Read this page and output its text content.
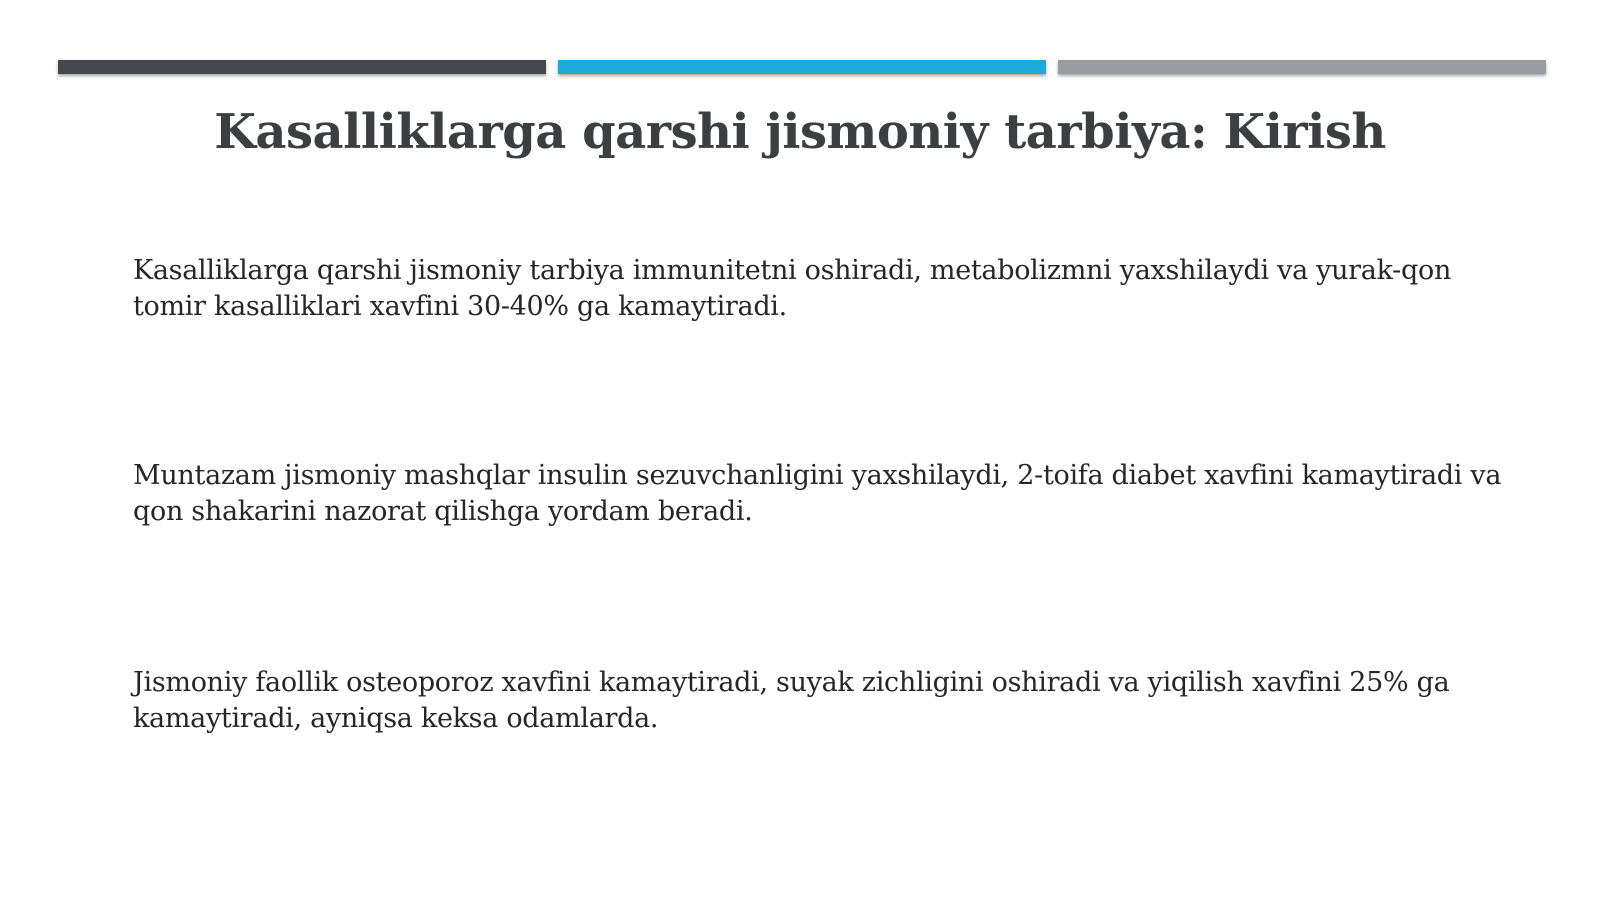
Kasalliklarga qarshi jismoniy tarbiya: Kirish
Kasalliklarga qarshi jismoniy tarbiya immunitetni oshiradi, metabolizmni yaxshilaydi va yurak-qon tomir kasalliklari xavfini 30-40% ga kamaytiradi.
Muntazam jismoniy mashqlar insulin sezuvchanligini yaxshilaydi, 2-toifa diabet xavfini kamaytiradi va qon shakarini nazorat qilishga yordam beradi.
Jismoniy faollik osteoporoz xavfini kamaytiradi, suyak zichligini oshiradi va yiqilish xavfini 25% ga kamaytiradi, ayniqsa keksa odamlarda.
